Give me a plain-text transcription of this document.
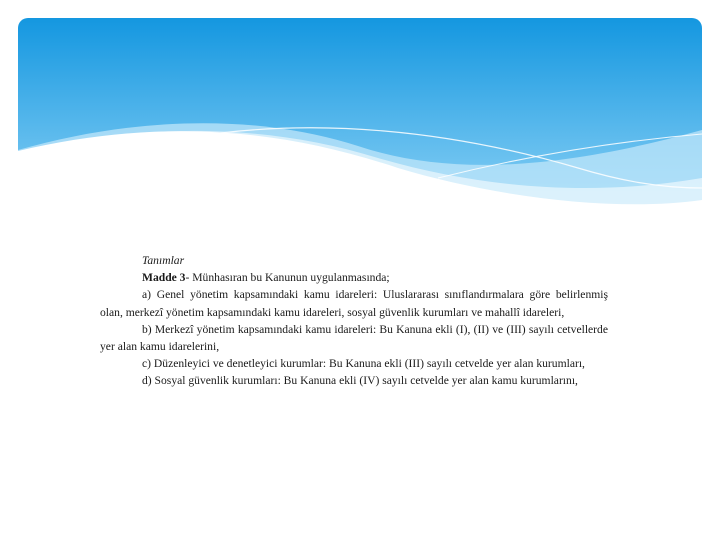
Tanımlar

Madde 3- Münhasıran bu Kanunun uygulanmasında;

a) Genel yönetim kapsamındaki kamu idareleri: Uluslararası sınıflandırmalara göre belirlenmiş olan, merkezî yönetim kapsamındaki kamu idareleri, sosyal güvenlik kurumları ve mahallî idareleri,

b) Merkezî yönetim kapsamındaki kamu idareleri: Bu Kanuna ekli (I), (II) ve (III) sayılı cetvellerde yer alan kamu idarelerini,

c) Düzenleyici ve denetleyici kurumlar: Bu Kanuna ekli (III) sayılı cetvelde yer alan kurumları,

d) Sosyal güvenlik kurumları: Bu Kanuna ekli (IV) sayılı cetvelde yer alan kamu kurumlarını,
